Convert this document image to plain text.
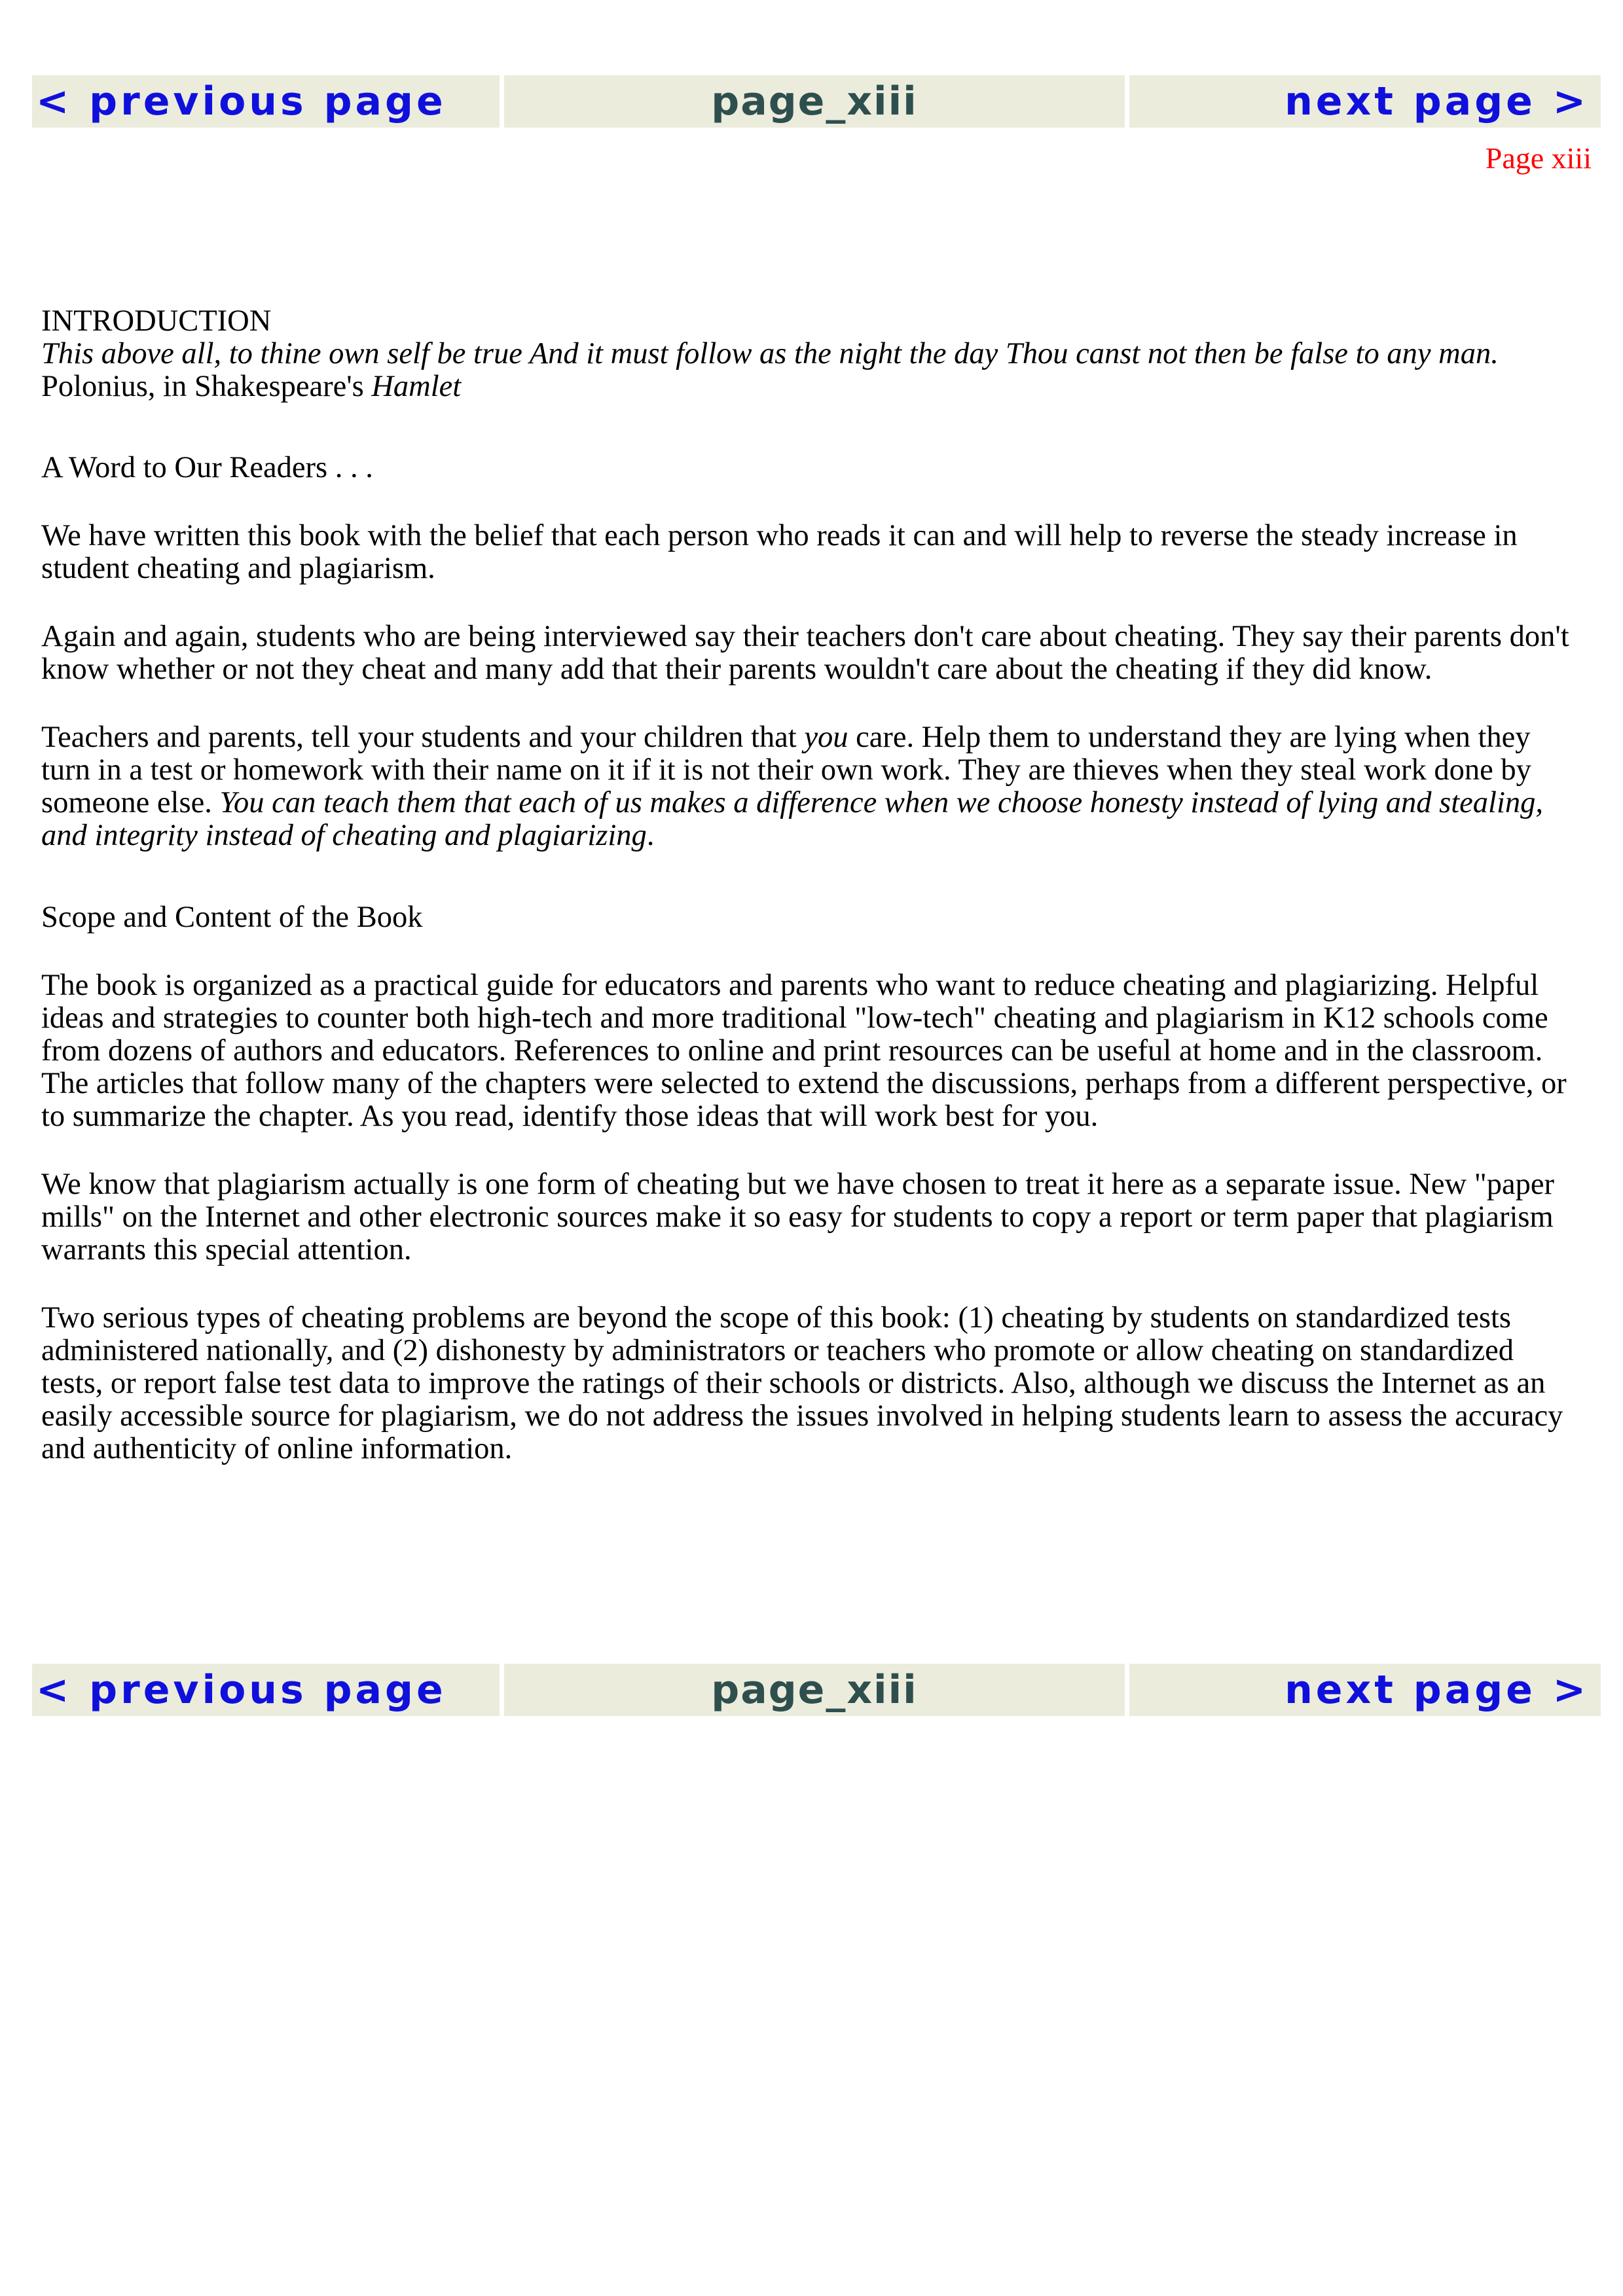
< previous page	page_xiii	next page >
Page xiii

INTRODUCTION

This above all, to thine own self be true And it must follow as the night the day Thou canst not then be false to any man.

Polonius, in Shakespeare's Hamlet

A Word to Our Readers . . .

We have written this book with the belief that each person who reads it can and will help to reverse the steady increase in student cheating and plagiarism.

Again and again, students who are being interviewed say their teachers don't care about cheating. They say their parents don't know whether or not they cheat and many add that their parents wouldn't care about the cheating if they did know.

Teachers and parents, tell your students and your children that you care. Help them to understand they are lying when they turn in a test or homework with their name on it if it is not their own work. They are thieves when they steal work done by someone else. You can teach them that each of us makes a difference when we choose honesty instead of lying and stealing, and integrity instead of cheating and plagiarizing.

Scope and Content of the Book

The book is organized as a practical guide for educators and parents who want to reduce cheating and plagiarizing. Helpful ideas and strategies to counter both high-tech and more traditional "low-tech" cheating and plagiarism in K12 schools come from dozens of authors and educators. References to online and print resources can be useful at home and in the classroom. The articles that follow many of the chapters were selected to extend the discussions, perhaps from a different perspective, or to summarize the chapter. As you read, identify those ideas that will work best for you.

We know that plagiarism actually is one form of cheating but we have chosen to treat it here as a separate issue. New "paper mills" on the Internet and other electronic sources make it so easy for students to copy a report or term paper that plagiarism warrants this special attention.

Two serious types of cheating problems are beyond the scope of this book: (1) cheating by students on standardized tests administered nationally, and (2) dishonesty by administrators or teachers who promote or allow cheating on standardized tests, or report false test data to improve the ratings of their schools or districts. Also, although we discuss the Internet as an easily accessible source for plagiarism, we do not address the issues involved in helping students learn to assess the accuracy and authenticity of online information.

< previous page	page_xiii	next page >
